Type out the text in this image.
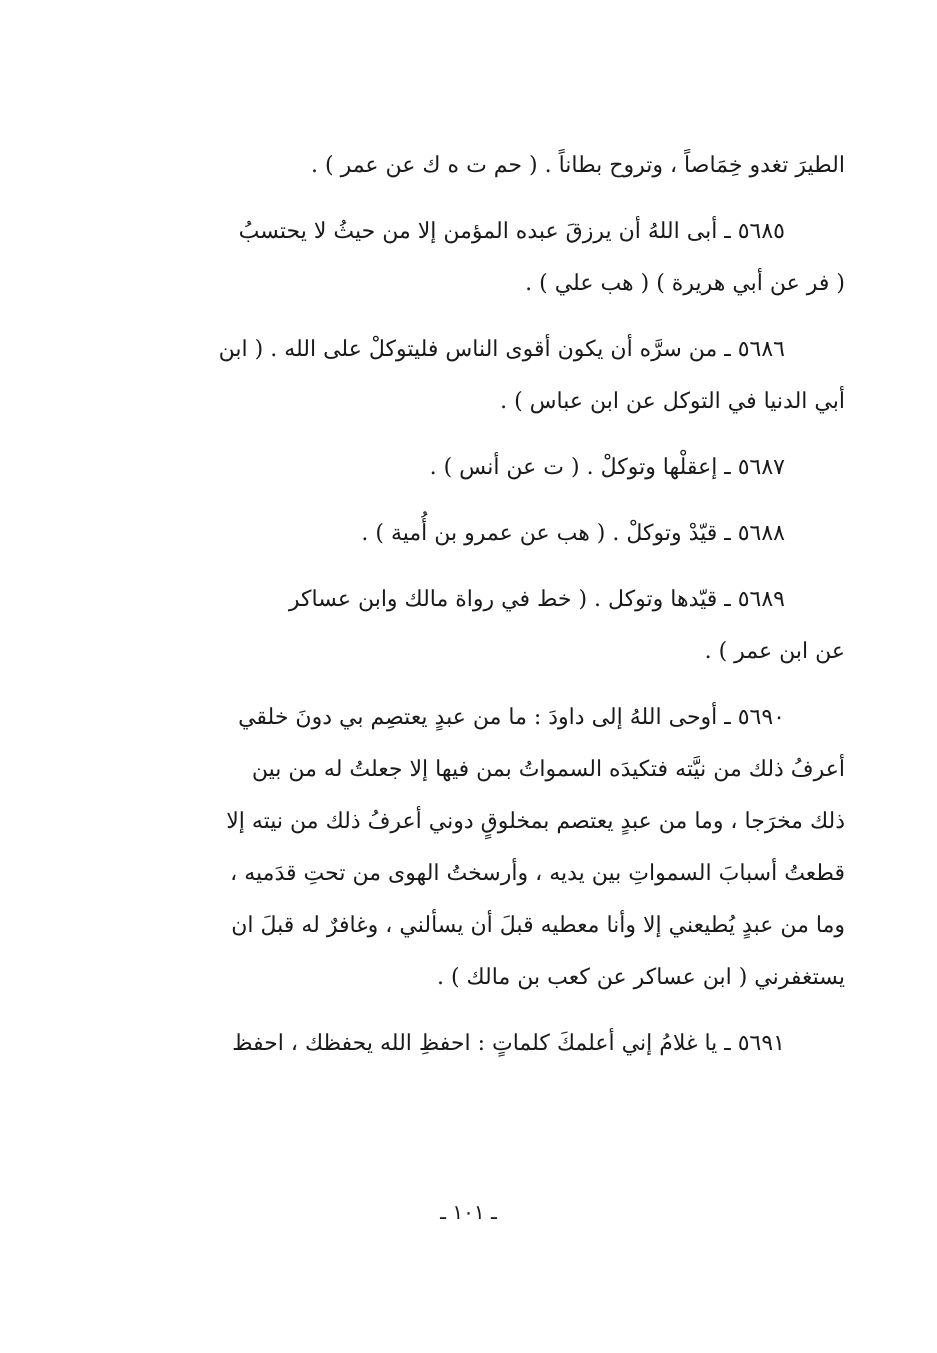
الطيرَ تغدو خِمَاصاً ، وتروح بطاناً . ( حم ت ه ك عن عمر ) .
٥٦٨٥ ـ أبى اللهُ أن يرزقَ عبده المؤمن إلا من حيثُ لا يحتسبُ
( فر عن أبي هريرة ) ( هب علي ) .
٥٦٨٦ ـ من سرَّه أن يكون أقوى الناس فليتوكلْ على الله . ( ابن
أبي الدنيا في التوكل عن ابن عباس ) .
٥٦٨٧ ـ إعقلْها وتوكلْ . ( ت عن أنس ) .
٥٦٨٨ ـ قيّدْ وتوكلْ . ( هب عن عمرو بن أُمية ) .
٥٦٨٩ ـ قيّدها وتوكل . ( خط في رواة مالك وابن عساكر
عن ابن عمر ) .
٥٦٩٠ ـ أوحى اللهُ إلى داودَ : ما من عبدٍ يعتصِم بي دونَ خلقي
أعرفُ ذلك من نيَّته فتكيدَه السمواتُ بمن فيها إلا جعلتُ له من بين
ذلك مخرَجا ، وما من عبدٍ يعتصم بمخلوقٍ دوني أعرفُ ذلك من نيته إلا
قطعتُ أسبابَ السمواتِ بين يديه ، وأرسختُ الهوى من تحتِ قدَميه ،
وما من عبدٍ يُطيعني إلا وأنا معطيه قبلَ أن يسألني ، وغافرٌ له قبلَ ان
يستغفرني ( ابن عساكر عن كعب بن مالك ) .
٥٦٩١ ـ يا غلامُ إني أعلمكَ كلماتٍ : احفظِ الله يحفظك ، احفظ
ـ ١٠١ ـ
